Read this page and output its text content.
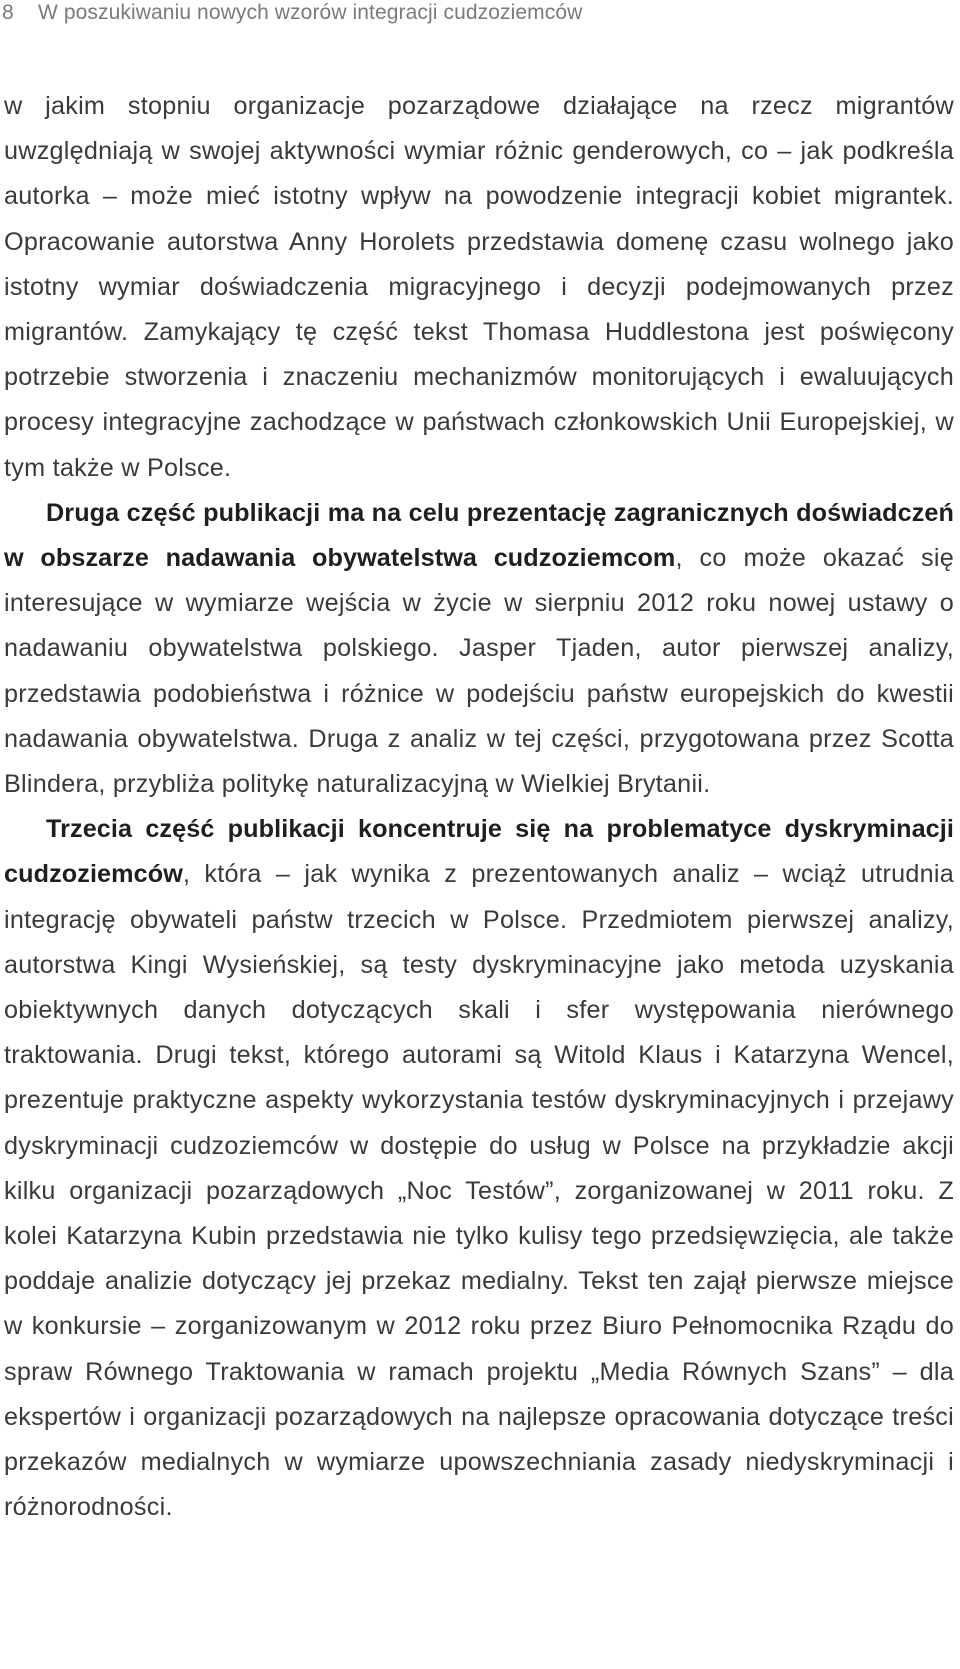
8 W poszukiwaniu nowych wzorów integracji cudzoziemców

w jakim stopniu organizacje pozarządowe działające na rzecz migrantów uwzględniają w swojej aktywności wymiar różnic genderowych, co – jak podkreśla autorka – może mieć istotny wpływ na powodzenie integracji kobiet migrantek. Opracowanie autorstwa Anny Horolets przedstawia domenę czasu wolnego jako istotny wymiar doświadczenia migracyjnego i decyzji podejmowanych przez migrantów. Zamykający tę część tekst Thomasa Huddlestona jest poświęcony potrzebie stworzenia i znaczeniu mechanizmów monitorujących i ewaluujących procesy integracyjne zachodzące w państwach członkowskich Unii Europejskiej, w tym także w Polsce.

Druga część publikacji ma na celu prezentację zagranicznych doświadczeń w obszarze nadawania obywatelstwa cudzoziemcom, co może okazać się interesujące w wymiarze wejścia w życie w sierpniu 2012 roku nowej ustawy o nadawaniu obywatelstwa polskiego. Jasper Tjaden, autor pierwszej analizy, przedstawia podobieństwa i różnice w podejściu państw europejskich do kwestii nadawania obywatelstwa. Druga z analiz w tej części, przygotowana przez Scotta Blindera, przybliża politykę naturalizacyjną w Wielkiej Brytanii.

Trzecia część publikacji koncentruje się na problematyce dyskryminacji cudzoziemców, która – jak wynika z prezentowanych analiz – wciąż utrudnia integrację obywateli państw trzecich w Polsce. Przedmiotem pierwszej analizy, autorstwa Kingi Wysieńskiej, są testy dyskryminacyjne jako metoda uzyskania obiektywnych danych dotyczących skali i sfer występowania nierównego traktowania. Drugi tekst, którego autorami są Witold Klaus i Katarzyna Wencel, prezentuje praktyczne aspekty wykorzystania testów dyskryminacyjnych i przejawy dyskryminacji cudzoziemców w dostępie do usług w Polsce na przykładzie akcji kilku organizacji pozarządowych „Noc Testów”, zorganizowanej w 2011 roku. Z kolei Katarzyna Kubin przedstawia nie tylko kulisy tego przedsięwzięcia, ale także poddaje analizie dotyczący jej przekaz medialny. Tekst ten zajął pierwsze miejsce w konkursie – zorganizowanym w 2012 roku przez Biuro Pełnomocnika Rządu do spraw Równego Traktowania w ramach projektu „Media Równych Szans” – dla ekspertów i organizacji pozarządowych na najlepsze opracowania dotyczące treści przekazów medialnych w wymiarze upowszechniania zasady niedyskryminacji i różnorodności.
